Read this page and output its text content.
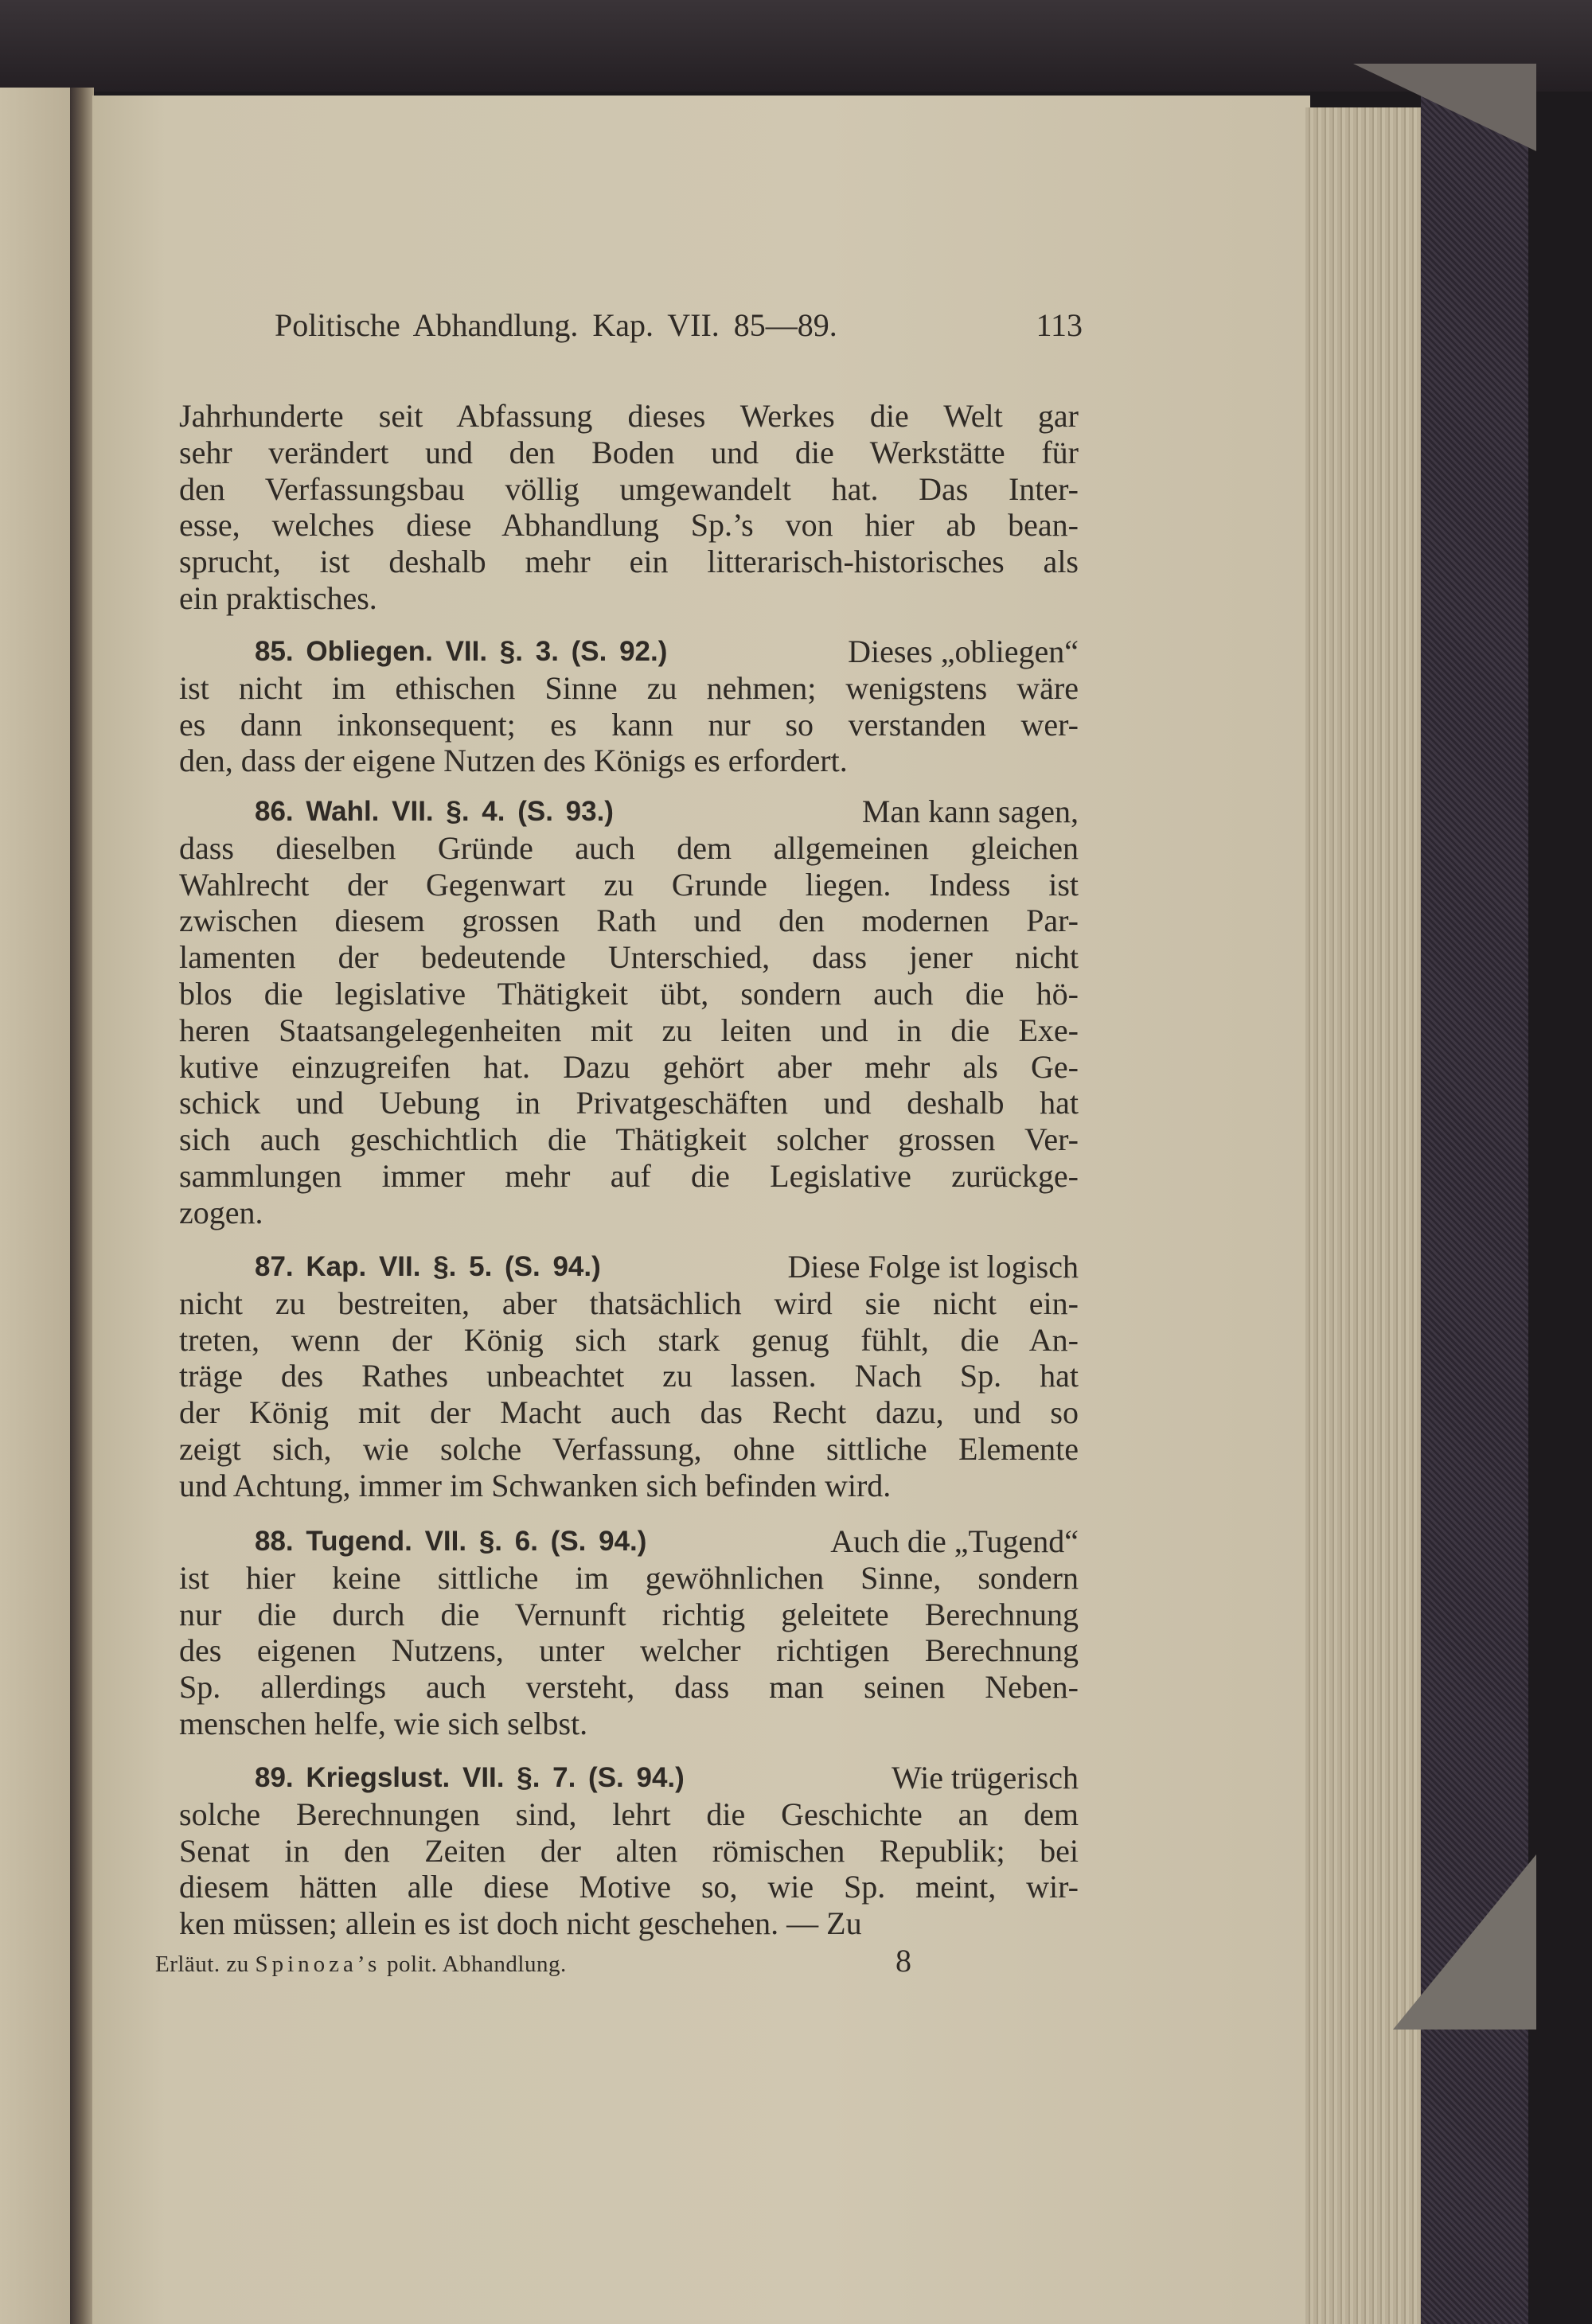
Politische Abhandlung. Kap. VII. 85—89.	113
Jahrhunderte seit Abfassung dieses Werkes die Welt gar
sehr verändert und den Boden und die Werkstätte für
den Verfassungsbau völlig umgewandelt hat. Das Inter-
esse, welches diese Abhandlung Sp.’s von hier ab bean-
sprucht, ist deshalb mehr ein litterarisch-historisches als
ein praktisches.
85. Obliegen. VII. §. 3. (S. 92.)	Dieses „obliegen“
ist nicht im ethischen Sinne zu nehmen; wenigstens wäre
es dann inkonsequent; es kann nur so verstanden wer-
den, dass der eigene Nutzen des Königs es erfordert.
86. Wahl. VII. §. 4. (S. 93.)	Man kann sagen,
dass dieselben Gründe auch dem allgemeinen gleichen
Wahlrecht der Gegenwart zu Grunde liegen. Indess ist
zwischen diesem grossen Rath und den modernen Par-
lamenten der bedeutende Unterschied, dass jener nicht
blos die legislative Thätigkeit übt, sondern auch die hö-
heren Staatsangelegenheiten mit zu leiten und in die Exe-
kutive einzugreifen hat. Dazu gehört aber mehr als Ge-
schick und Uebung in Privatgeschäften und deshalb hat
sich auch geschichtlich die Thätigkeit solcher grossen Ver-
sammlungen immer mehr auf die Legislative zurückge-
zogen.
87. Kap. VII. §. 5. (S. 94.)	Diese Folge ist logisch
nicht zu bestreiten, aber thatsächlich wird sie nicht ein-
treten, wenn der König sich stark genug fühlt, die An-
träge des Rathes unbeachtet zu lassen. Nach Sp. hat
der König mit der Macht auch das Recht dazu, und so
zeigt sich, wie solche Verfassung, ohne sittliche Elemente
und Achtung, immer im Schwanken sich befinden wird.
88. Tugend. VII. §. 6. (S. 94.)	Auch die „Tugend“
ist hier keine sittliche im gewöhnlichen Sinne, sondern
nur die durch die Vernunft richtig geleitete Berechnung
des eigenen Nutzens, unter welcher richtigen Berechnung
Sp. allerdings auch versteht, dass man seinen Neben-
menschen helfe, wie sich selbst.
89. Kriegslust. VII. §. 7. (S. 94.)	Wie trügerisch
solche Berechnungen sind, lehrt die Geschichte an dem
Senat in den Zeiten der alten römischen Republik; bei
diesem hätten alle diese Motive so, wie Sp. meint, wir-
ken müssen; allein es ist doch nicht geschehen. — Zu
Erläut. zu Spinoza’s polit. Abhandlung.	8
